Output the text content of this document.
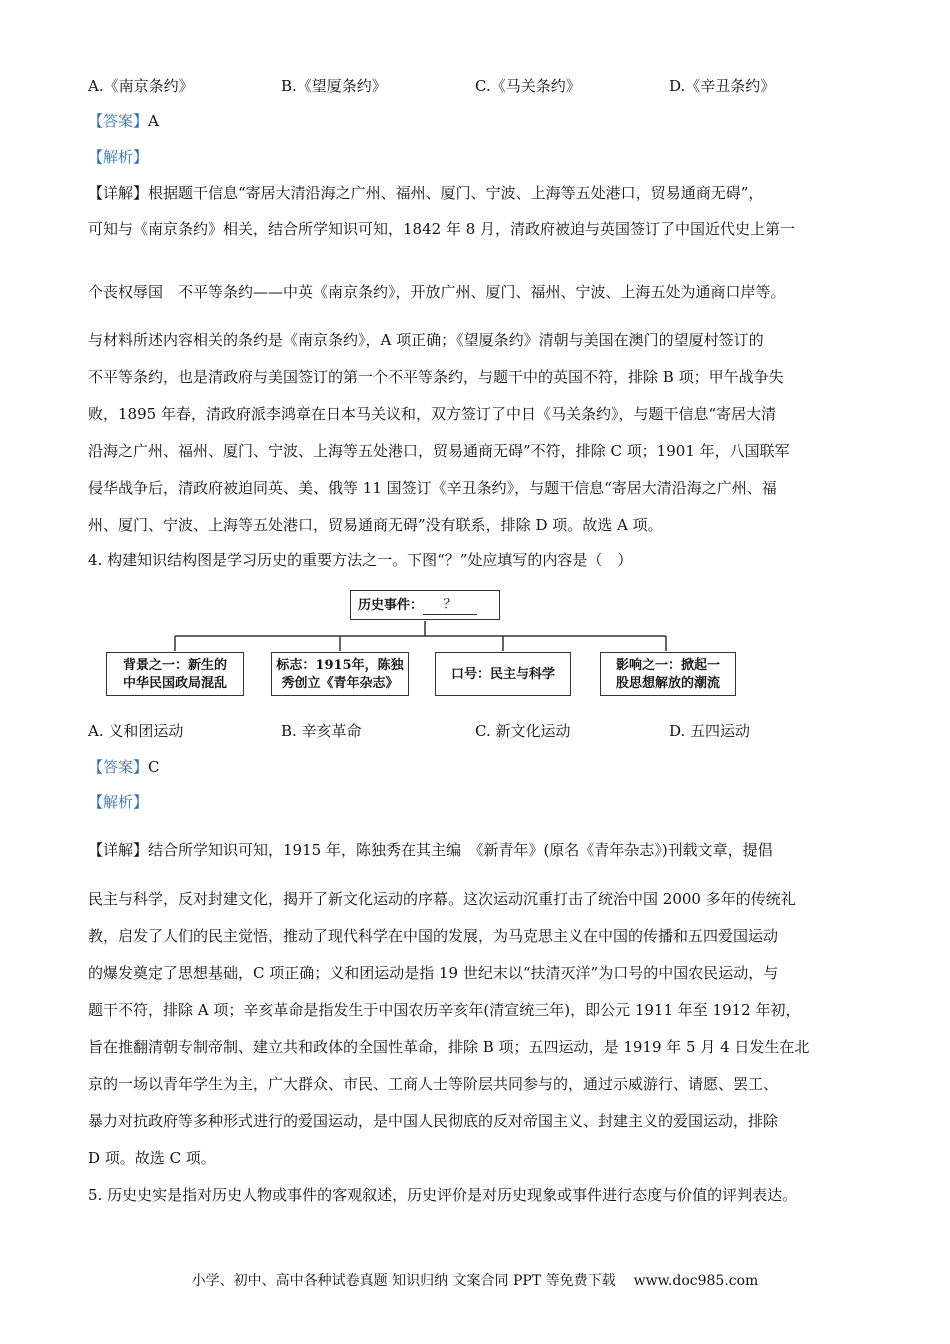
A.《南京条约》	B.《望厦条约》	C.《马关条约》	D.《辛丑条约》
【答案】A
【解析】
【详解】根据题干信息“寄居大清沿海之广州、福州、厦门、宁波、上海等五处港口，贸易通商无碍”，
可知与《南京条约》相关，结合所学知识可知，1842 年 8 月，清政府被迫与英国签订了中国近代史上第一
个丧权辱国　不平等条约——中英《南京条约》，开放广州、厦门、福州、宁波、上海五处为通商口岸等。
与材料所述内容相关的条约是《南京条约》，A 项正确；《望厦条约》清朝与美国在澳门的望厦村签订的
不平等条约，也是清政府与美国签订的第一个不平等条约，与题干中的英国不符，排除 B 项；甲午战争失
败，1895 年春，清政府派李鸿章在日本马关议和，双方签订了中日《马关条约》，与题干信息“寄居大清
沿海之广州、福州、厦门、宁波、上海等五处港口，贸易通商无碍”不符，排除 C 项；1901 年，八国联军
侵华战争后，清政府被迫同英、美、俄等 11 国签订《辛丑条约》，与题干信息“寄居大清沿海之广州、福
州、厦门、宁波、上海等五处港口，贸易通商无碍”没有联系，排除 D 项。故选 A 项。
4. 构建知识结构图是学习历史的重要方法之一。下图“？”处应填写的内容是（　）
历史事件：	？
背景之一：新生的
中华民国政局混乱
标志：1915年，陈独
秀创立《青年杂志》
口号：民主与科学
影响之一：掀起一
股思想解放的潮流
A. 义和团运动	B. 辛亥革命	C. 新文化运动	D. 五四运动
【答案】C
【解析】
【详解】结合所学知识可知，1915 年，陈独秀在其主编　《新青年》(原名《青年杂志》)刊载文章，提倡
民主与科学，反对封建文化，揭开了新文化运动的序幕。这次运动沉重打击了统治中国 2000 多年的传统礼
教，启发了人们的民主觉悟，推动了现代科学在中国的发展，为马克思主义在中国的传播和五四爱国运动
的爆发奠定了思想基础，C 项正确；义和团运动是指 19 世纪末以“扶清灭洋”为口号的中国农民运动，与
题干不符，排除 A 项；辛亥革命是指发生于中国农历辛亥年(清宣统三年)，即公元 1911 年至 1912 年初，
旨在推翻清朝专制帝制、建立共和政体的全国性革命，排除 B 项；五四运动，是 1919 年 5 月 4 日发生在北
京的一场以青年学生为主，广大群众、市民、工商人士等阶层共同参与的，通过示威游行、请愿、罢工、
暴力对抗政府等多种形式进行的爱国运动，是中国人民彻底的反对帝国主义、封建主义的爱国运动，排除
D 项。故选 C 项。
5. 历史史实是指对历史人物或事件的客观叙述，历史评价是对历史现象或事件进行态度与价值的评判表达。
小学、初中、高中各种试卷真题 知识归纳 文案合同 PPT 等免费下载 www.doc985.com
